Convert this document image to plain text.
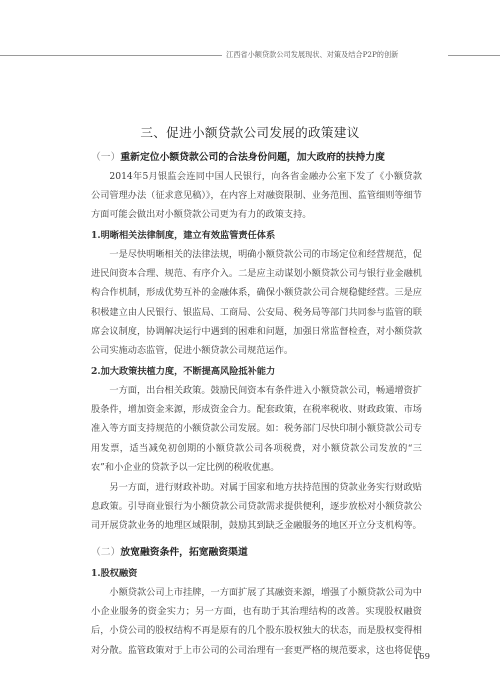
江西省小额贷款公司发展现状、对策及结合P2P的创新
三、促进小额贷款公司发展的政策建议
（一）重新定位小额贷款公司的合法身份问题，加大政府的扶持力度

2014年5月银监会连同中国人民银行，向各省金融办公室下发了《小额贷款公司管理办法（征求意见稿）》，在内容上对融资限制、业务范围、监管细则等细节方面可能会做出对小额贷款公司更为有力的政策支持。

1.明晰相关法律制度，建立有效监管责任体系

一是尽快明晰相关的法律法规，明确小额贷款公司的市场定位和经营规范，促进民间资本合理、规范、有序介入。二是应主动谋划小额贷款公司与银行业金融机构合作机制，形成优势互补的金融体系，确保小额贷款公司合规稳健经营。三是应积极建立由人民银行、银监局、工商局、公安局、税务局等部门共同参与监管的联席会议制度，协调解决运行中遇到的困难和问题，加强日常监督检查，对小额贷款公司实施动态监管，促进小额贷款公司规范运作。

2.加大政策扶植力度，不断提高风险抵补能力

一方面，出台相关政策。鼓励民间资本有条件进入小额贷款公司，畅通增资扩股条件，增加资金来源，形成资金合力。配套政策，在税率税收、财政政策、市场准入等方面支持规范的小额贷款公司发展。如：税务部门尽快印制小额贷款公司专用发票，适当减免初创期的小额贷款公司各项税费，对小额贷款公司发放的“三农”和小企业的贷款予以一定比例的税收优惠。

另一方面，进行财政补助。对属于国家和地方扶持范围的贷款业务实行财政贴息政策。引导商业银行为小额贷款公司贷款需求提供便利，逐步放松对小额贷款公司开展贷款业务的地理区域限制，鼓励其到缺乏金融服务的地区开立分支机构等。

（二）放宽融资条件，拓宽融资渠道
1.股权融资

小额贷款公司上市挂牌，一方面扩展了其融资来源，增强了小额贷款公司为中小企业服务的资金实力；另一方面，也有助于其治理结构的改善。实现股权融资后，小贷公司的股权结构不再是原有的几个股东股权独大的状态，而是股权变得相对分散。监管政策对于上市公司的公司治理有一套更严格的规范要求，这也将促使

169
